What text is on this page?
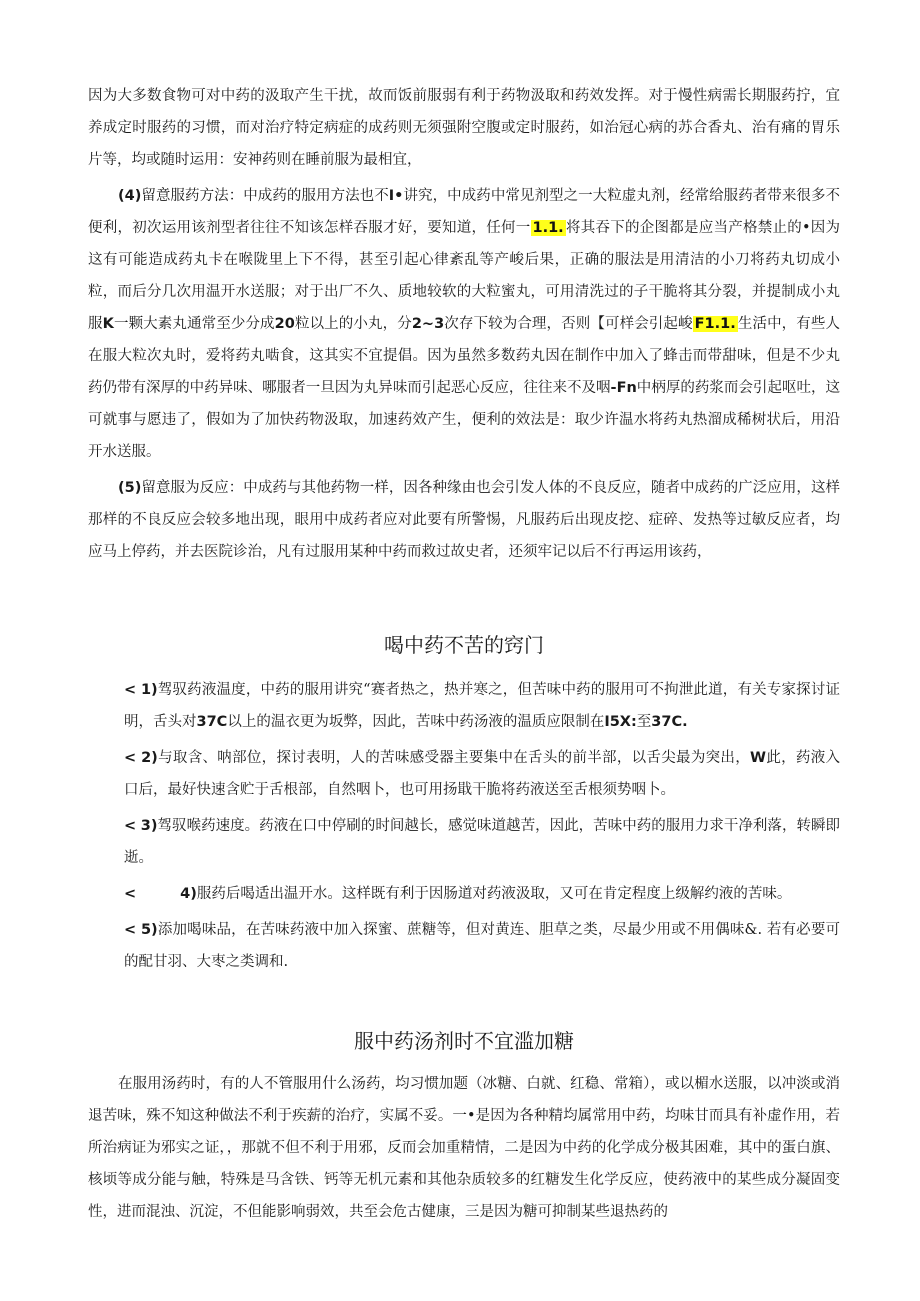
因为大多数食物可对中药的汲取产生干扰，故而饭前服弱有利于药物汲取和药效发挥。对于慢性病需长期服药拧，宜养成定时服药的习惯，而对治疗特定病症的成药则无须强附空腹或定时服药，如治冠心病的苏合香丸、治有痛的胃乐片等，均或随时运用：安神药则在睡前服为最相宜，

(4)留意服药方法：中成药的服用方法也不I•讲究，中成药中常见剂型之一大粒虚丸剂，经常给服药者带来很多不便利，初次运用该剂型者往往不知该怎样吞服才好，要知道，任何一 1.1. 将其吞下的企图都是应当产格禁止的•因为这有可能造成药丸卡在喉陇里上下不得，甚至引起心律紊乱等产峻后果，正确的服法是用清洁的小刀将药丸切成小粒，而后分几次用温开水送服；对于出厂不久、质地较软的大粒蜜丸，可用清洗过的子干脆将其分裂，并提制成小丸服K一颗大素丸通常至少分成20粒以上的小丸，分2~3次存下较为合理，否则【可样会引起峻 F1.1. 生活中，有些人在服大粒次丸时，爱将药丸啮食，这其实不宜提倡。因为虽然多数药丸因在制作中加入了蜂击而带甜味，但是不少丸药仍带有深厚的中药异味、哪服者一旦因为丸异味而引起恶心反应，往往来不及咽-Fn中柄厚的药浆而会引起呕吐，这可就事与愿违了，假如为了加快药物汲取，加速药效产生，便利的效法是：取少许温水将药丸热溜成稀树状后，用沿开水送服。

(5)留意服为反应：中成药与其他药物一样，因各种缘由也会引发人体的不良反应，随者中成药的广泛应用，这样那样的不良反应会较多地出现，眼用中成药者应对此要有所警惕，凡服药后出现皮挖、症碎、发热等过敏反应者，均应马上停药，并去医院诊治，凡有过服用某种中药而救过故史者，还须牢记以后不行再运用该药，

喝中药不苦的窍门

< 1)驾驭药液温度，中药的服用讲究“赛者热之，热并寒之，但苦味中药的服用可不拘泄此道，有关专家探讨证明，舌头对37C以上的温衣更为坂弊，因此，苦味中药汤液的温质应限制在I5X:至37C.

< 2)与取含、呐部位，探讨表明，人的苦味感受器主要集中在舌头的前半部，以舌尖最为突出，W此，药液入口后，最好快速含贮于舌根部，自然咽卜，也可用扬戢干脆将药液送至舌根须势咽卜。

< 3)驾驭喉药速度。药液在口中停刷的时间越长，感觉味道越苦，因此，苦味中药的服用力求干净利落，转瞬即逝。

<	4)服药后喝适出温开水。这样既有利于因肠道对药液汲取，又可在肯定程度上级解约液的苦味。

< 5)添加喝味品，在苦味药液中加入探蜜、蔗糖等，但对黄连、胆草之类，尽最少用或不用偶味&. 若有必要可的配甘羽、大枣之类调和.

服中药汤剂时不宜滥加糖

在服用汤药时，有的人不管服用什么汤药，均习惯加题（冰糖、白就、红稳、常箱），或以楣水送服，以冲淡或消退苦味，殊不知这种做法不利于疾薪的治疗，实属不妥。一•是因为各种精均属常用中药，均味甘而具有补虚作用，若所治病证为邪实之证，，那就不但不利于用邪，反而会加重精情，二是因为中药的化学成分极其困难，其中的蛋白旗、核顷等成分能与触，特殊是马含铁、钙等无机元素和其他杂质较多的红糖发生化学反应，使药液中的某些成分凝固变性，进而混浊、沉淀，不但能影响弱效，共至会危古健康，三是因为糖可抑制某些退热药的
